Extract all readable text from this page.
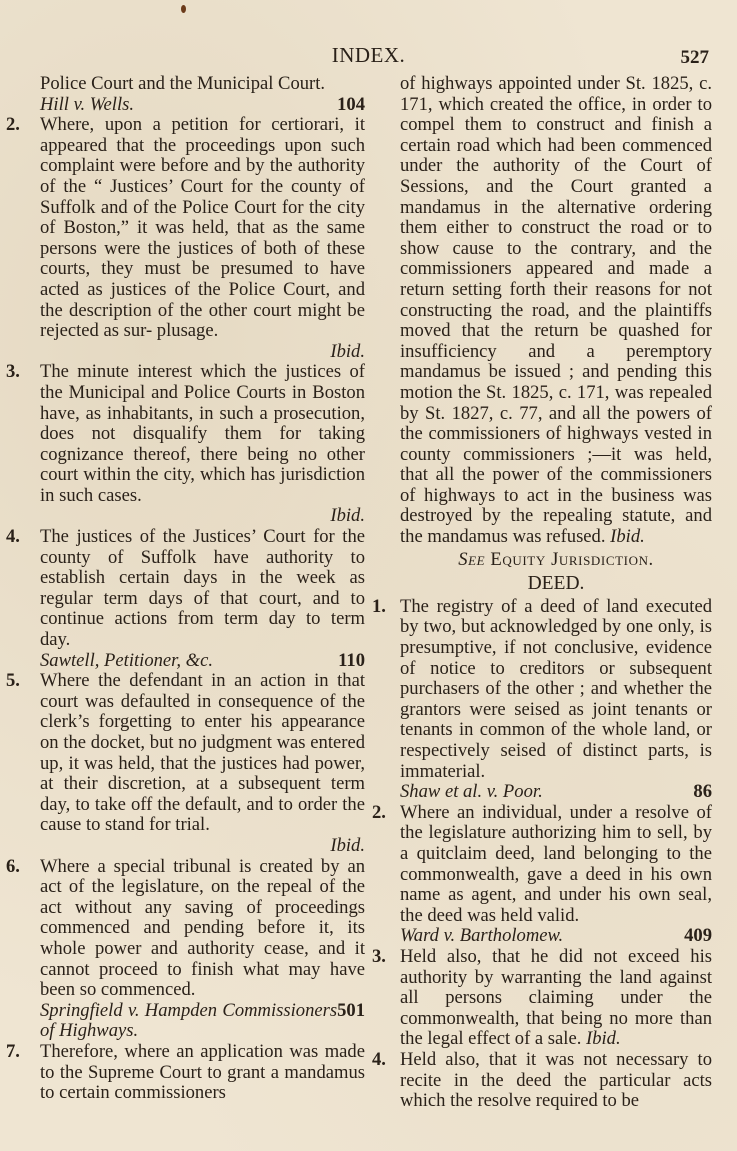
INDEX.	527
Police Court and the Municipal Court.
Hill v. Wells.	104
2.	Where, upon a petition for certiorari, it appeared that the proceedings upon such complaint were before and by the authority of the “ Justices’ Court for the county of Suffolk and of the Police Court for the city of Boston,” it was held, that as the same persons were the justices of both of these courts, they must be presumed to have acted as justices of the Police Court, and the description of the other court might be rejected as sur- plusage.
Ibid.
3.	The minute interest which the justices of the Municipal and Police Courts in Boston have, as inhabitants, in such a prosecution, does not disqualify them for taking cognizance thereof, there being no other court within the city, which has jurisdiction in such cases.
Ibid.
4.	The justices of the Justices’ Court for the county of Suffolk have authority to establish certain days in the week as regular term days of that court, and to continue actions from term day to term day.
Sawtell, Petitioner, &c.	110
5.	Where the defendant in an action in that court was defaulted in consequence of the clerk’s forgetting to enter his appearance on the docket, but no judgment was entered up, it was held, that the justices had power, at their discretion, at a subsequent term day, to take off the default, and to order the cause to stand for trial.
Ibid.
6.	Where a special tribunal is created by an act of the legislature, on the repeal of the act without any saving of proceedings commenced and pending before it, its whole power and authority cease, and it cannot proceed to finish what may have been so commenced.
Springfield v. Hampden Commissioners of Highways.
501
7.	Therefore, where an application was made to the Supreme Court to grant a mandamus to certain commissioners
of highways appointed under St. 1825, c. 171, which created the office, in order to compel them to construct and finish a certain road which had been commenced under the authority of the Court of Sessions, and the Court granted a mandamus in the alternative ordering them either to construct the road or to show cause to the contrary, and the commissioners appeared and made a return setting forth their reasons for not constructing the road, and the plaintiffs moved that the return be quashed for insufficiency and a peremptory mandamus be issued ; and pending this motion the St. 1825, c. 171, was repealed by St. 1827, c. 77, and all the powers of the commissioners of highways vested in county commissioners ;—it was held, that all the power of the commissioners of highways to act in the business was destroyed by the repealing statute, and the mandamus was refused. Ibid.
See Equity Jurisdiction.
DEED.
1. The registry of a deed of land executed by two, but acknowledged by one only, is presumptive, if not conclusive, evidence of notice to creditors or subsequent purchasers of the other ; and whether the grantors were seised as joint tenants or tenants in common of the whole land, or respectively seised of distinct parts, is immaterial.
Shaw et al. v. Poor.	86
2. Where an individual, under a resolve of the legislature authorizing him to sell, by a quitclaim deed, land belonging to the commonwealth, gave a deed in his own name as agent, and under his own seal, the deed was held valid.
Ward v. Bartholomew.	409
3. Held also, that he did not exceed his authority by warranting the land against all persons claiming under the commonwealth, that being no more than the legal effect of a sale. Ibid.
4. Held also, that it was not necessary to recite in the deed the particular acts which the resolve required to be
